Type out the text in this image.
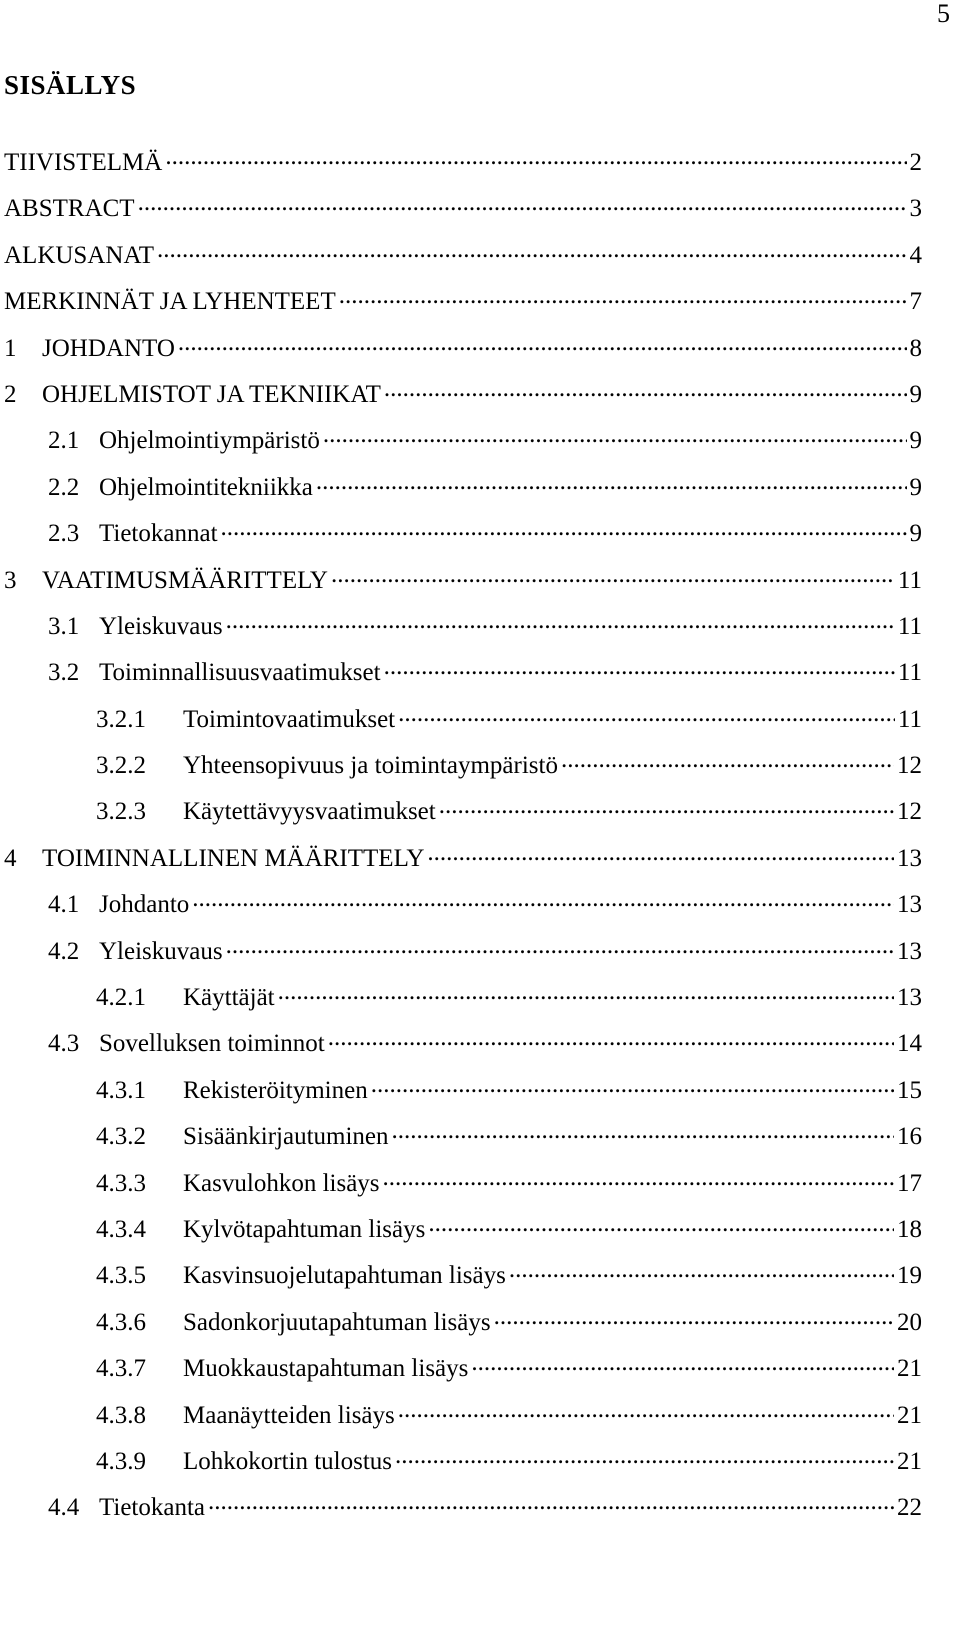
5
SISÄLLYS
TIIVISTELMÄ .....	2
ABSTRACT .....	3
ALKUSANAT .....	4
MERKINNÄT JA LYHENTEET .....	7
1	JOHDANTO .....	8
2	OHJELMISTOT JA TEKNIIKAT .....	9
2.1 Ohjelmointiympäristö .....	9
2.2 Ohjelmointitekniikka .....	9
2.3 Tietokannat .....	9
3	VAATIMUSMÄÄRITTELY .....	11
3.1 Yleiskuvaus .....	11
3.2 Toiminnallisuusvaatimukset .....	11
3.2.1	Toimintovaatimukset .....	11
3.2.2	Yhteensopivuus ja toimintaympäristö .....	12
3.2.3	Käytettävyysvaatimukset .....	12
4	TOIMINNALLINEN MÄÄRITTELY .....	13
4.1 Johdanto .....	13
4.2 Yleiskuvaus .....	13
4.2.1	Käyttäjät .....	13
4.3 Sovelluksen toiminnot .....	14
4.3.1	Rekisteröityminen .....	15
4.3.2	Sisäänkirjautuminen .....	16
4.3.3	Kasvulohkon lisäys .....	17
4.3.4	Kylvötapahtuman lisäys .....	18
4.3.5	Kasvinsuojelutapahtuman lisäys .....	19
4.3.6	Sadonkorjuutapahtuman lisäys .....	20
4.3.7	Muokkaustapahtuman lisäys .....	21
4.3.8	Maanäytteiden lisäys .....	21
4.3.9	Lohkokortin tulostus .....	21
4.4 Tietokanta .....	22
